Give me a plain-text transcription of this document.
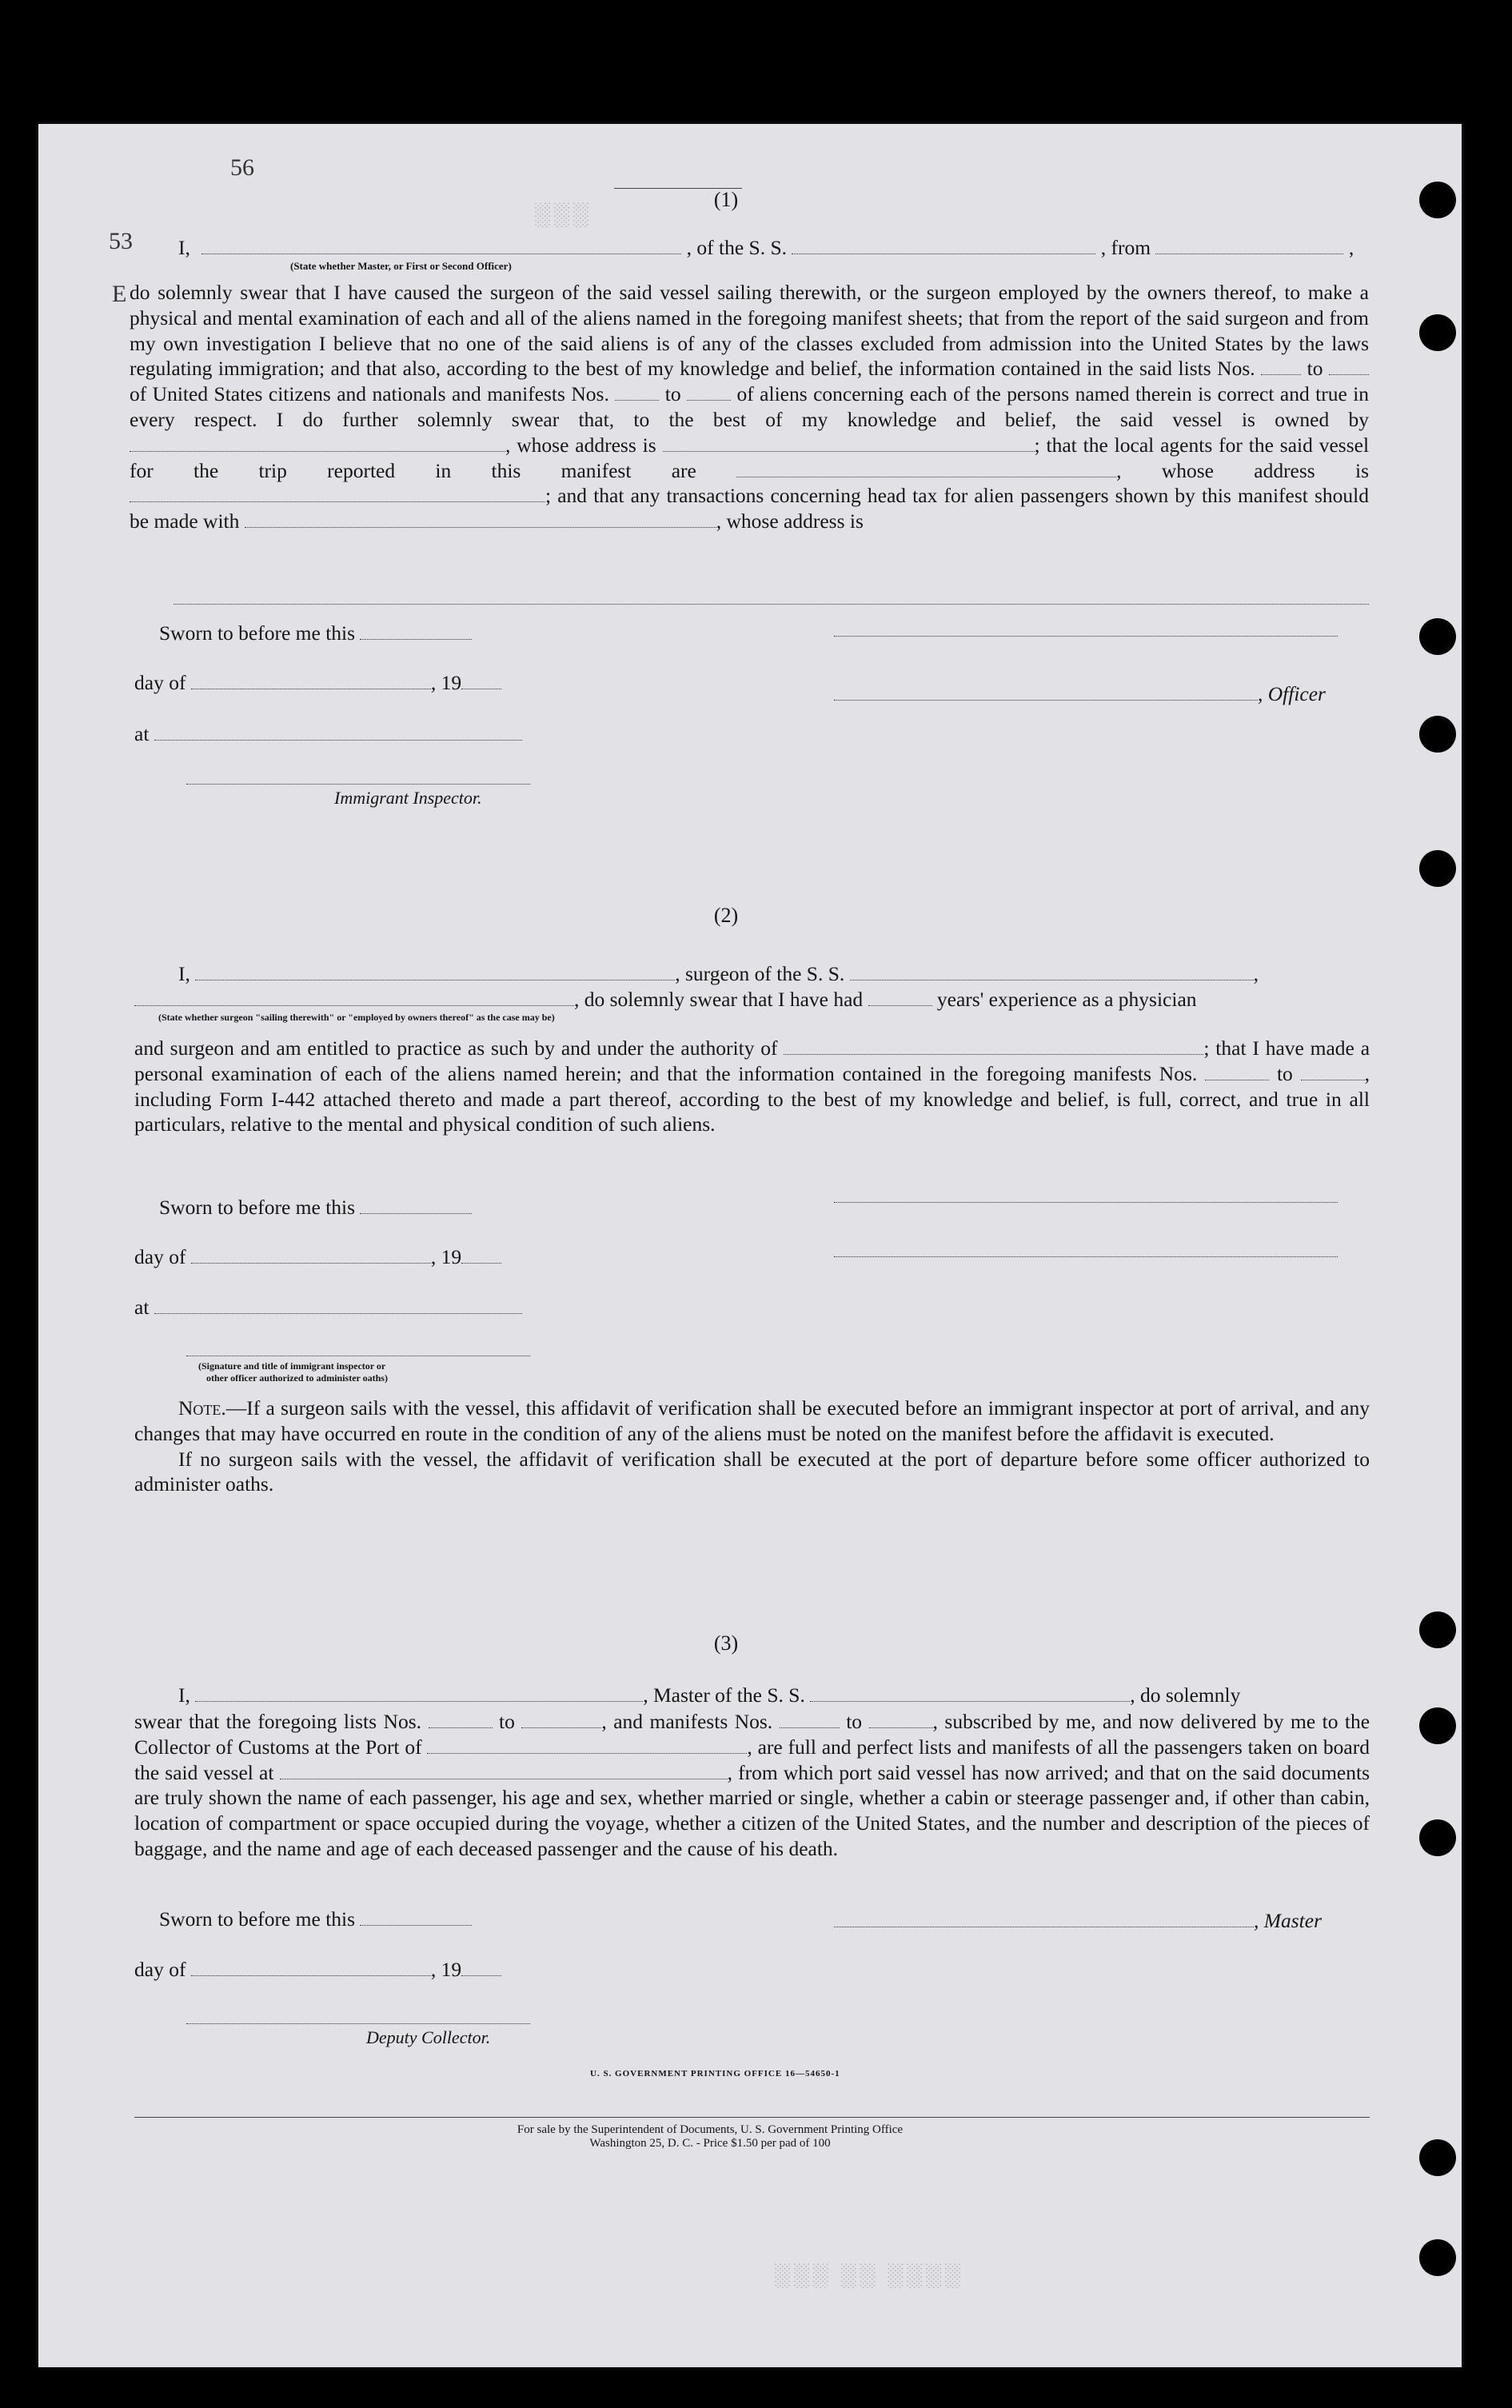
56
53
E
(1)
I,	, of the S. S.	, from	,
(State whether Master, or First or Second Officer)

do solemnly swear that I have caused the surgeon of the said vessel sailing therewith, or the surgeon employed by the owners thereof, to make a physical and mental examination of each and all of the aliens named in the foregoing manifest sheets; that from the report of the said surgeon and from my own investigation I believe that no one of the said aliens is of any of the classes excluded from admission into the United States by the laws regulating immigration; and that also, according to the best of my knowledge and belief, the information contained in the said lists Nos.	to  of United States citizens and nationals and manifests Nos.	to	of aliens concerning each of the persons named therein is correct and true in every respect. I do further solemnly swear that, to the best of my knowledge and belief, the said vessel is owned by , whose address is	; that the local agents for the said vessel for the trip reported in this manifest are	, whose address is ; and that any transactions concerning head tax for alien passengers shown by this manifest should be made with	, whose address is

Sworn to before me this
day of	, 19
at
Immigrant Inspector.
, Officer
(2)
I,	, surgeon of the S. S.	,
, do solemnly swear that I have had	years' experience as a physician
(State whether surgeon "sailing therewith" or "employed by owners thereof" as the case may be)

and surgeon and am entitled to practice as such by and under the authority of	; that I have made a personal examination of each of the aliens named herein; and that the information contained in the foregoing manifests Nos.	to	, including Form I-442 attached thereto and made a part thereof, according to the best of my knowledge and belief, is full, correct, and true in all particulars, relative to the mental and physical condition of such aliens.

Sworn to before me this
day of	, 19
at
(Signature and title of immigrant inspector or
other officer authorized to administer oaths)

Note.—If a surgeon sails with the vessel, this affidavit of verification shall be executed before an immigrant inspector at port of arrival, and any changes that may have occurred en route in the condition of any of the aliens must be noted on the manifest before the affidavit is executed.

If no surgeon sails with the vessel, the affidavit of verification shall be executed at the port of departure before some officer authorized to administer oaths.

(3)
I,	, Master of the S. S.	, do solemnly

swear that the foregoing lists Nos.	to	, and manifests Nos.	to	, subscribed by me, and now delivered by me to the Collector of Customs at the Port of	, are full and perfect lists and manifests of all the passengers taken on board the said vessel at	, from which port said vessel has now arrived; and that on the said documents are truly shown the name of each passenger, his age and sex, whether married or single, whether a cabin or steerage passenger and, if other than cabin, location of compartment or space occupied during the voyage, whether a citizen of the United States, and the number and description of the pieces of baggage, and the name and age of each deceased passenger and the cause of his death.

Sworn to before me this	, Master
day of	, 19
Deputy Collector.
U. S. GOVERNMENT PRINTING OFFICE 16—54650-1
For sale by the Superintendent of Documents, U. S. Government Printing Office
Washington 25, D. C. - Price $1.50 per pad of 100
░░░
░░░ ░░ ░░░░
